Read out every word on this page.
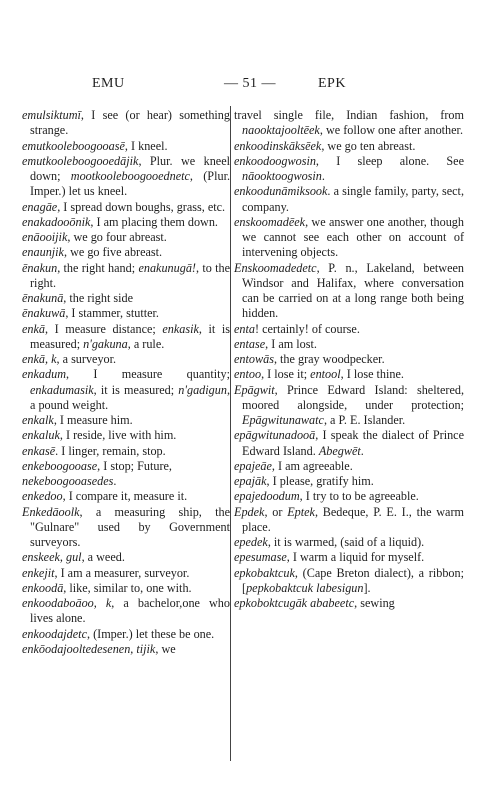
EMU	— 51 —	EPK
emulsiktumī, I see (or hear) something strange.
emutkooleboogooasē, I kneel.
emutkooleboogooedājik, Plur. we kneel down; mootkooleboogooednetc, (Plur. Imper.) let us kneel.
enagāe, I spread down boughs, grass, etc.
enakadooōnik, I am placing them down.
enāooijik, we go four abreast.
enaunjik, we go five abreast.
ēnakun, the right hand; enakunugā!, to the right.
ēnakunā, the right side
ēnakuwā, I stammer, stutter.
enkā, I measure distance; enkasik, it is measured; n'gakuna, a rule.
enkā, k, a surveyor.
enkadum, I measure quantity; enkadumasik, it is measured; n'gadigun, a pound weight.
enkalk, I measure him.
enkaluk, I reside, live with him.
enkasē. I linger, remain, stop.
enkeboogooase, I stop; Future,
nekeboogooasedes.
enkedoo, I compare it, measure it.
Enkedāoolk, a measuring ship, the "Gulnare" used by Government surveyors.
enskeek, gul, a weed.
enkejit, I am a measurer, surveyor.
enkoodā, like, similar to, one with.
enkoodaboāoo, k, a bachelor,one who lives alone.
enkoodajdetc, (Imper.) let these be one.
enkōodajooltedesenen, tijik, we
travel single file, Indian fashion, from naooktajooltēek, we follow one after another.
enkoodinskāksēek, we go ten abreast.
enkoodoogwosin, I sleep alone. See nāooktoogwosin.
enkoodunāmiksook. a single family, party, sect, company.
enskoomadēek, we answer one another, though we cannot see each other on account of intervening objects.
Enskoomadedetc, P. n., Lakeland, between Windsor and Halifax, where conversation can be carried on at a long range both being hidden.
enta! certainly! of course.
entase, I am lost.
entowās, the gray woodpecker.
entoo, I lose it; entool, I lose thine.
Epāgwit, Prince Edward Island: sheltered, moored alongside, under protection; Epāgwitunawatc, a P. E. Islander.
epāgwitunadooā, I speak the dialect of Prince Edward Island. Abegwēt.
epajeāe, I am agreeable.
epajāk, I please, gratify him.
epajedoodum, I try to to be agreeable.
Epdek, or Eptek, Bedeque, P. E. I., the warm place.
epedek, it is warmed, (said of a liquid).
epesumase, I warm a liquid for myself.
epkobaktcuk, (Cape Breton dialect), a ribbon; [pepkobaktcuk labesigun].
epkoboktcugāk ababeetc, sewing
